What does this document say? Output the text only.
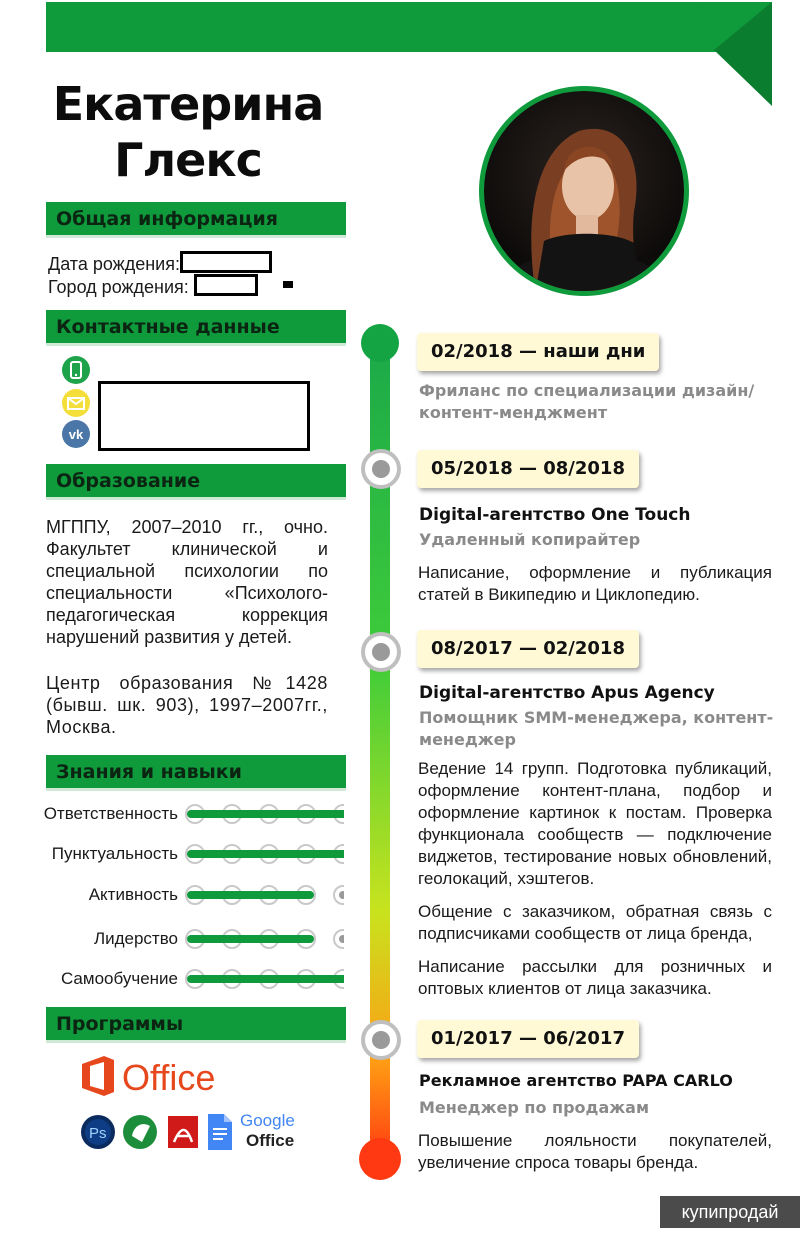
Екатерина
Глекс
Общая информация
Дата рождения:
Город рождения:
Контактные данные
vk
Образование
МГППУ, 2007–2010 гг., очно. Факультет клинической и специальной психологии по специальности «Психолого-педагогическая коррекция нарушений развития у детей.
Центр образования №1428 (бывш. шк. 903), 1997–2007гг., Москва.
Знания и навыки
Ответственность
Пунктуальность
Активность
Лидерство
Самообучение
Программы
Office
Ps
Google
Office
02/2018 — наши дни
Фриланс по специализации дизайн/ контент-менджмент
05/2018 — 08/2018
Digital-агентство One Touch
Удаленный копирайтер
Написание, оформление и публикация статей в Википедию и Циклопедию.
08/2017 — 02/2018
Digital-агентство Apus Agency
Помощник SMM-менеджера, контент-менеджер
Ведение 14 групп. Подготовка публикаций, оформление контент-плана, подбор и оформление картинок к постам. Проверка функционала сообществ — подключение виджетов, тестирование новых обновлений, геолокаций, хэштегов.
Общение с заказчиком, обратная связь с подписчиками сообществ от лица бренда,
Написание рассылки для розничных и оптовых клиентов от лица заказчика.
01/2017 — 06/2017
Рекламное агентство PAPA CARLO
Менеджер по продажам
Повышение лояльности покупателей, увеличение спроса товары бренда.
купипродай
